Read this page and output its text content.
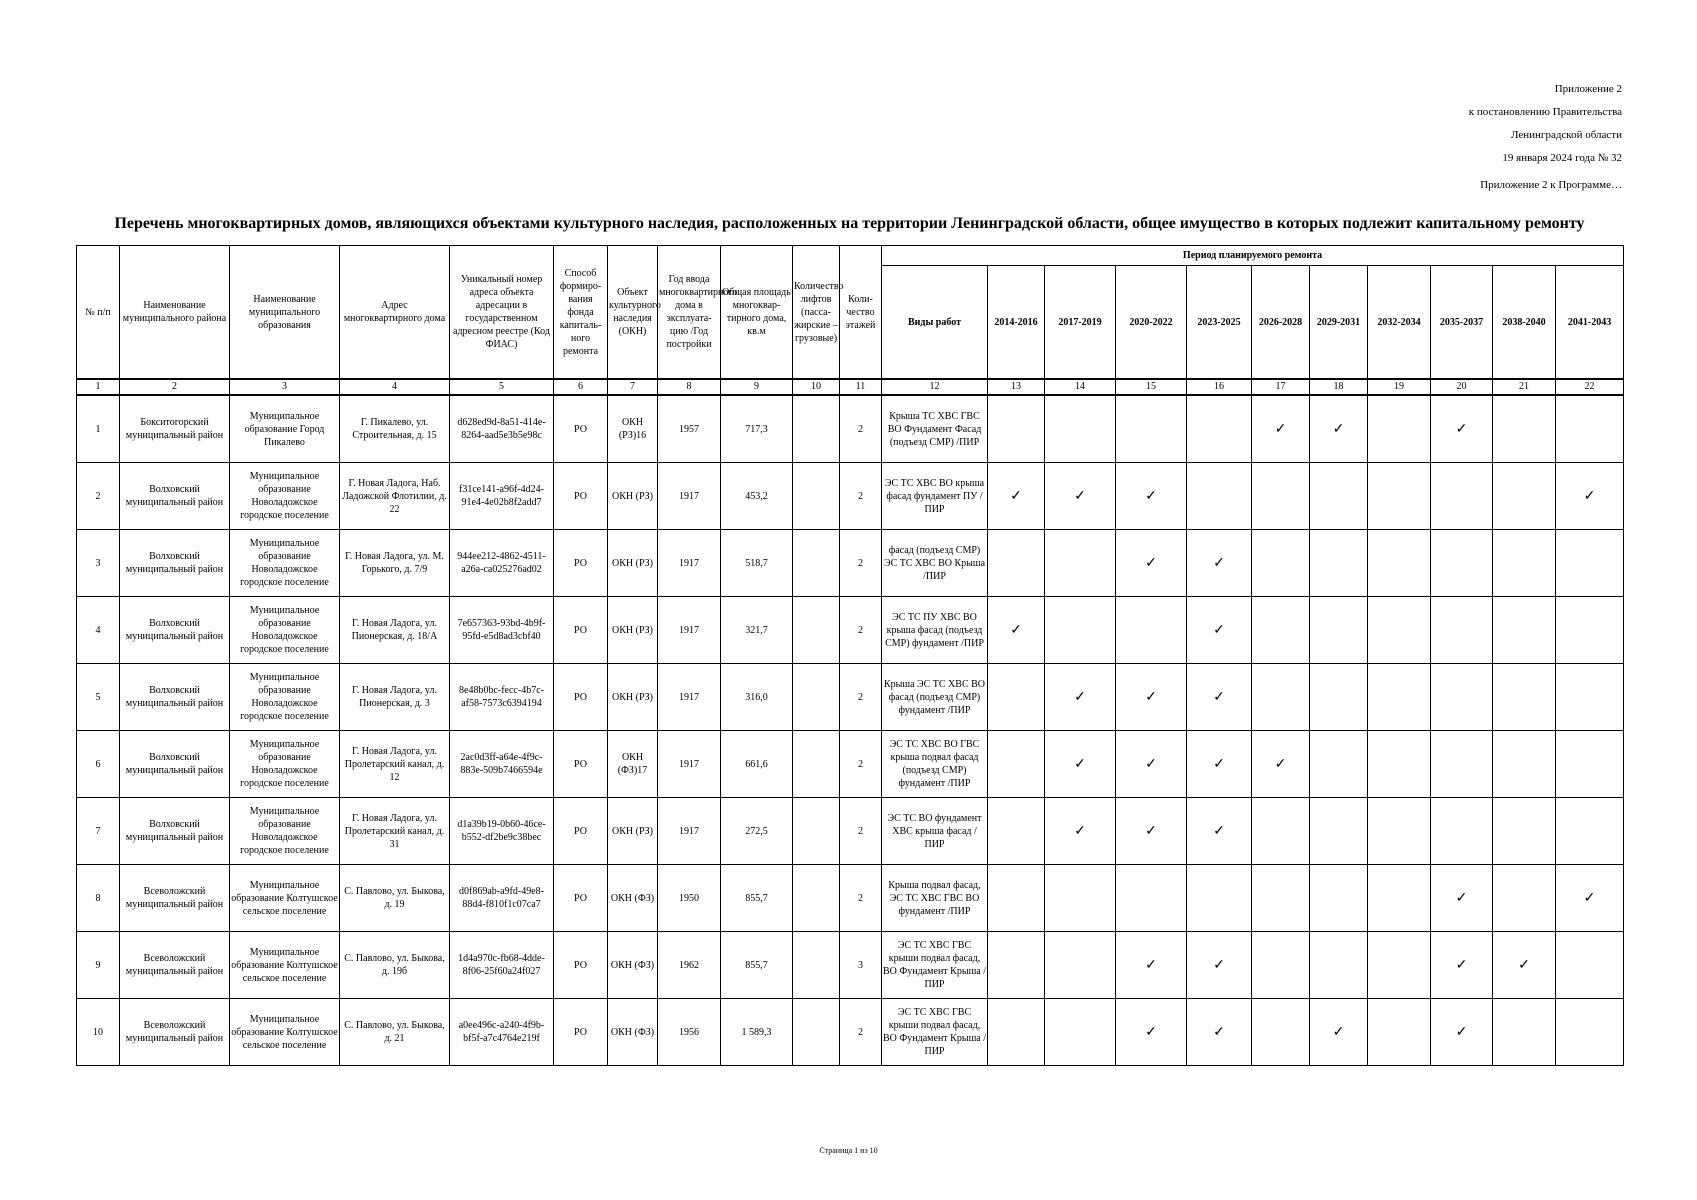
Приложение 2
к постановлению Правительства
Ленинградской области
19 января 2024 года № 32
Приложение 2 к Программе…
Перечень многоквартирных домов, являющихся объектами культурного наследия, расположенных на территории Ленинградской области, общее имущество в которых подлежит капитальному ремонту
№ п/п	Наименование муниципального района	Наименование муниципального образования	Адрес многоквартирного дома	Уникальный номер адреса объекта адресации в государственном адресном реестре (Код ФИАС)	Способ формиро-вания фонда капиталь-ного ремонта	Объект культурного наследия (ОКН)	Год ввода многоквартирного дома в эксплуата-цию /Год постройки	Общая площадь многоквар-тирного дома, кв.м	Количество лифтов (пасса-жирские – грузовые)	Коли-чество этажей	Период планируемого ремонта										
											Виды работ	2014-2016	2017-2019	2020-2022	2023-2025	2026-2028	2029-2031	2032-2034	2035-2037	2038-2040	2041-2043
1	2	3	4	5	6	7	8	9	10	11	12	13	14	15	16	17	18	19	20	21	22
1	Бокситогорский муниципальный район	Муниципальное образование Город Пикалево	Г. Пикалево, ул. Строительная, д. 15	d628ed9d-8a51-414e-8264-aad5e3b5e98c	РО	ОКН (РЗ)16	1957	717,3		2	Крыша ТС ХВС ГВС ВО Фундамент Фасад (подъезд СМР) /ПИР					✓	✓		✓		
2	Волховский муниципальный район	Муниципальное образование Новоладожское городское поселение	Г. Новая Ладога, Наб. Ладожской Флотилии, д. 22	f31ce141-a96f-4d24-91e4-4e02b8f2add7	РО	ОКН (РЗ)	1917	453,2		2	ЭС ТС ХВС ВО крыша фасад фундамент ПУ /ПИР	✓	✓	✓							✓
3	Волховский муниципальный район	Муниципальное образование Новоладожское городское поселение	Г. Новая Ладога, ул. М. Горького, д. 7/9	944ee212-4862-4511-a26a-ca025276ad02	РО	ОКН (РЗ)	1917	518,7		2	фасад (подъезд СМР) ЭС ТС ХВС ВО Крыша /ПИР			✓	✓						
4	Волховский муниципальный район	Муниципальное образование Новоладожское городское поселение	Г. Новая Ладога, ул. Пионерская, д. 18/А	7e657363-93bd-4b9f-95fd-e5d8ad3cbf40	РО	ОКН (РЗ)	1917	321,7		2	ЭС ТС ПУ ХВС ВО крыша фасад (подъезд СМР) фундамент /ПИР	✓			✓						
5	Волховский муниципальный район	Муниципальное образование Новоладожское городское поселение	Г. Новая Ладога, ул. Пионерская, д. 3	8e48b0bc-fecc-4b7c-af58-7573c6394194	РО	ОКН (РЗ)	1917	316,0		2	Крыша ЭС ТС ХВС ВО фасад (подъезд СМР) фундамент /ПИР		✓	✓	✓						
6	Волховский муниципальный район	Муниципальное образование Новоладожское городское поселение	Г. Новая Ладога, ул. Пролетарский канал, д. 12	2ac0d3ff-a64e-4f9c-883e-509b7466594e	РО	ОКН (ФЗ)17	1917	661,6		2	ЭС ТС ХВС ВО ГВС крыша подвал фасад (подъезд СМР) фундамент /ПИР		✓	✓	✓	✓					
7	Волховский муниципальный район	Муниципальное образование Новоладожское городское поселение	Г. Новая Ладога, ул. Пролетарский канал, д. 31	d1a39b19-0b60-46ce-b552-df2be9c38bec	РО	ОКН (РЗ)	1917	272,5		2	ЭС ТС ВО фундамент ХВС крыша фасад /ПИР		✓	✓	✓						
8	Всеволожский муниципальный район	Муниципальное образование Колтушское сельское поселение	С. Павлово, ул. Быкова, д. 19	d0f869ab-a9fd-49e8-88d4-f810f1c07ca7	РО	ОКН (ФЗ)	1950	855,7		2	Крыша подвал фасад, ЭС ТС ХВС ГВС ВО фундамент /ПИР								✓		✓
9	Всеволожский муниципальный район	Муниципальное образование Колтушское сельское поселение	С. Павлово, ул. Быкова, д. 19б	1d4a970c-fb68-4dde-8f06-25f60a24f027	РО	ОКН (ФЗ)	1962	855,7		3	ЭС ТС ХВС ГВС крыши подвал фасад, ВО Фундамент Крыша /ПИР			✓	✓				✓	✓	
10	Всеволожский муниципальный район	Муниципальное образование Колтушское сельское поселение	С. Павлово, ул. Быкова, д. 21	a0ee496c-a240-4f9b-bf5f-a7c4764e219f	РО	ОКН (ФЗ)	1956	1 589,3		2	ЭС ТС ХВС ГВС крыши подвал фасад, ВО Фундамент Крыша /ПИР			✓	✓		✓		✓		
Страница 1 из 10
